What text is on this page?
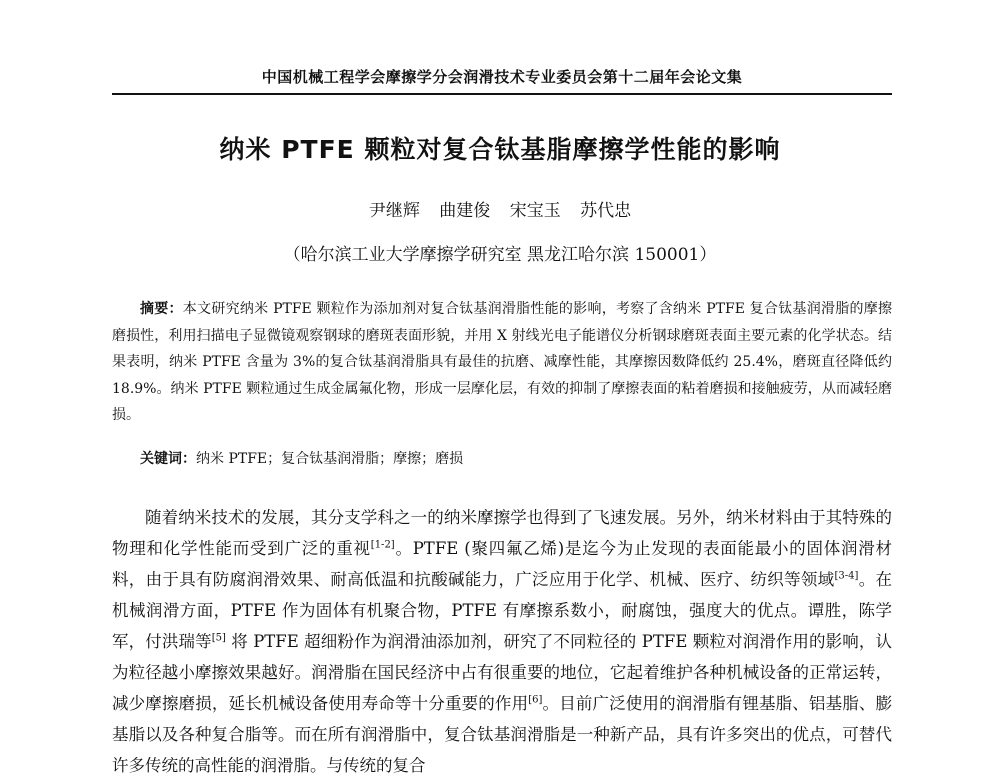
中国机械工程学会摩擦学分会润滑技术专业委员会第十二届年会论文集
纳米 PTFE 颗粒对复合钛基脂摩擦学性能的影响
尹继辉 曲建俊 宋宝玉 苏代忠
（哈尔滨工业大学摩擦学研究室 黑龙江哈尔滨 150001）
摘要：本文研究纳米 PTFE 颗粒作为添加剂对复合钛基润滑脂性能的影响，考察了含纳米 PTFE 复合钛基润滑脂的摩擦磨损性，利用扫描电子显微镜观察钢球的磨斑表面形貌，并用 X 射线光电子能谱仪分析钢球磨斑表面主要元素的化学状态。结果表明，纳米 PTFE 含量为 3%的复合钛基润滑脂具有最佳的抗磨、减摩性能，其摩擦因数降低约 25.4%，磨斑直径降低约 18.9%。纳米 PTFE 颗粒通过生成金属氟化物，形成一层摩化层，有效的抑制了摩擦表面的粘着磨损和接触疲劳，从而减轻磨损。
关键词：纳米 PTFE；复合钛基润滑脂；摩擦；磨损
随着纳米技术的发展，其分支学科之一的纳米摩擦学也得到了飞速发展。另外，纳米材料由于其特殊的物理和化学性能而受到广泛的重视[1-2]。PTFE (聚四氟乙烯)是迄今为止发现的表面能最小的固体润滑材料，由于具有防腐润滑效果、耐高低温和抗酸碱能力，广泛应用于化学、机械、医疗、纺织等领域[3-4]。在机械润滑方面，PTFE 作为固体有机聚合物，PTFE 有摩擦系数小，耐腐蚀，强度大的优点。谭胜，陈学军，付洪瑞等[5] 将 PTFE 超细粉作为润滑油添加剂，研究了不同粒径的 PTFE 颗粒对润滑作用的影响，认为粒径越小摩擦效果越好。润滑脂在国民经济中占有很重要的地位，它起着维护各种机械设备的正常运转，减少摩擦磨损，延长机械设备使用寿命等十分重要的作用[6]。目前广泛使用的润滑脂有锂基脂、铝基脂、膨基脂以及各种复合脂等。而在所有润滑脂中，复合钛基润滑脂是一种新产品，具有许多突出的优点，可替代许多传统的高性能的润滑脂。与传统的复合
